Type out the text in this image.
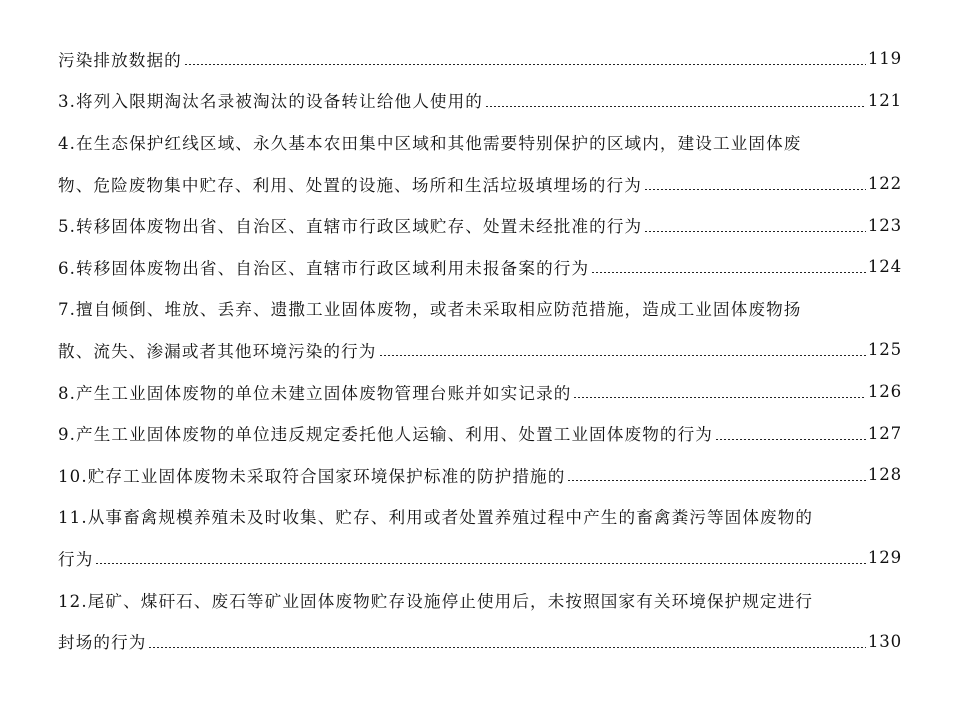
污染排放数据的	119
3.将列入限期淘汰名录被淘汰的设备转让给他人使用的	121
4.在生态保护红线区域、永久基本农田集中区域和其他需要特别保护的区域内，建设工业固体废
物、危险废物集中贮存、利用、处置的设施、场所和生活垃圾填埋场的行为	122
5.转移固体废物出省、自治区、直辖市行政区域贮存、处置未经批准的行为	123
6.转移固体废物出省、自治区、直辖市行政区域利用未报备案的行为	124
7.擅自倾倒、堆放、丢弃、遗撒工业固体废物，或者未采取相应防范措施，造成工业固体废物扬
散、流失、渗漏或者其他环境污染的行为	125
8.产生工业固体废物的单位未建立固体废物管理台账并如实记录的	126
9.产生工业固体废物的单位违反规定委托他人运输、利用、处置工业固体废物的行为	127
10.贮存工业固体废物未采取符合国家环境保护标准的防护措施的	128
11.从事畜禽规模养殖未及时收集、贮存、利用或者处置养殖过程中产生的畜禽粪污等固体废物的
行为	129
12.尾矿、煤矸石、废石等矿业固体废物贮存设施停止使用后，未按照国家有关环境保护规定进行
封场的行为	130
